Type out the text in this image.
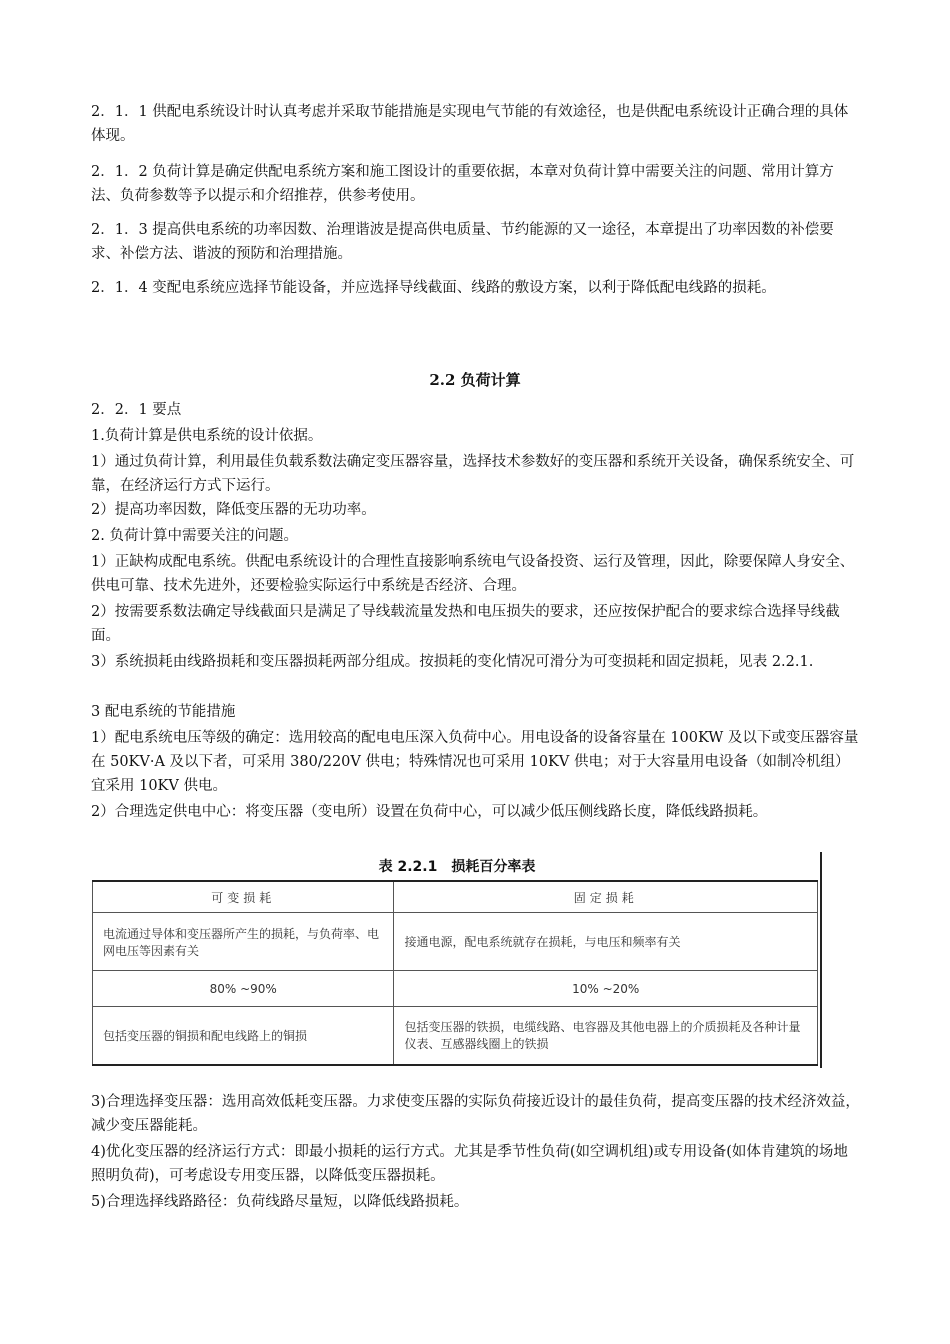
2．1．1 供配电系统设计时认真考虑并采取节能措施是实现电气节能的有效途径，也是供配电系统设计正确合理的具体体现。

2．1．2 负荷计算是确定供配电系统方案和施工图设计的重要依据，本章对负荷计算中需要关注的问题、常用计算方法、负荷参数等予以提示和介绍推荐，供参考使用。

2．1．3 提高供电系统的功率因数、治理谐波是提高供电质量、节约能源的又一途径，本章提出了功率因数的补偿要求、补偿方法、谐波的预防和治理措施。

2．1．4 变配电系统应选择节能设备，并应选择导线截面、线路的敷设方案，以利于降低配电线路的损耗。

2.2 负荷计算

2．2．1 要点

1.负荷计算是供电系统的设计依据。

1）通过负荷计算，利用最佳负载系数法确定变压器容量，选择技术参数好的变压器和系统开关设备，确保系统安全、可靠，在经济运行方式下运行。

2）提高功率因数，降低变压器的无功功率。

2. 负荷计算中需要关注的问题。

1）正缺构成配电系统。供配电系统设计的合理性直接影响系统电气设备投资、运行及管理，因此，除要保障人身安全、供电可靠、技术先进外，还要检验实际运行中系统是否经济、合理。

2）按需要系数法确定导线截面只是满足了导线载流量发热和电压损失的要求，还应按保护配合的要求综合选择导线截面。

3）系统损耗由线路损耗和变压器损耗两部分组成。按损耗的变化情况可滑分为可变损耗和固定损耗，见表 2.2.1.

3 配电系统的节能措施

1）配电系统电压等级的确定：选用较高的配电电压深入负荷中心。用电设备的设备容量在 100KW 及以下或变压器容量在 50KV·A 及以下者，可采用 380/220V 供电；特殊情况也可采用 10KV 供电；对于大容量用电设备（如制冷机组）宜采用 10KV 供电。

2）合理选定供电中心：将变压器（变电所）设置在负荷中心，可以减少低压侧线路长度，降低线路损耗。

表 2.2.1　损耗百分率表
可变损耗	固定损耗
电流通过导体和变压器所产生的损耗，与负荷率、电网电压等因素有关	接通电源，配电系统就存在损耗，与电压和频率有关
80% ~90%	10% ~20%
包括变压器的铜损和配电线路上的铜损	包括变压器的铁损，电缆线路、电容器及其他电器上的介质损耗及各种计量仪表、互感器线圈上的铁损

3)合理选择变压器：选用高效低耗变压器。力求使变压器的实际负荷接近设计的最佳负荷，提高变压器的技术经济效益，减少变压器能耗。

4)优化变压器的经济运行方式：即最小损耗的运行方式。尤其是季节性负荷(如空调机组)或专用设备(如体肯建筑的场地照明负荷)，可考虑设专用变压器，以降低变压器损耗。

5)合理选择线路路径：负荷线路尽量短，以降低线路损耗。
